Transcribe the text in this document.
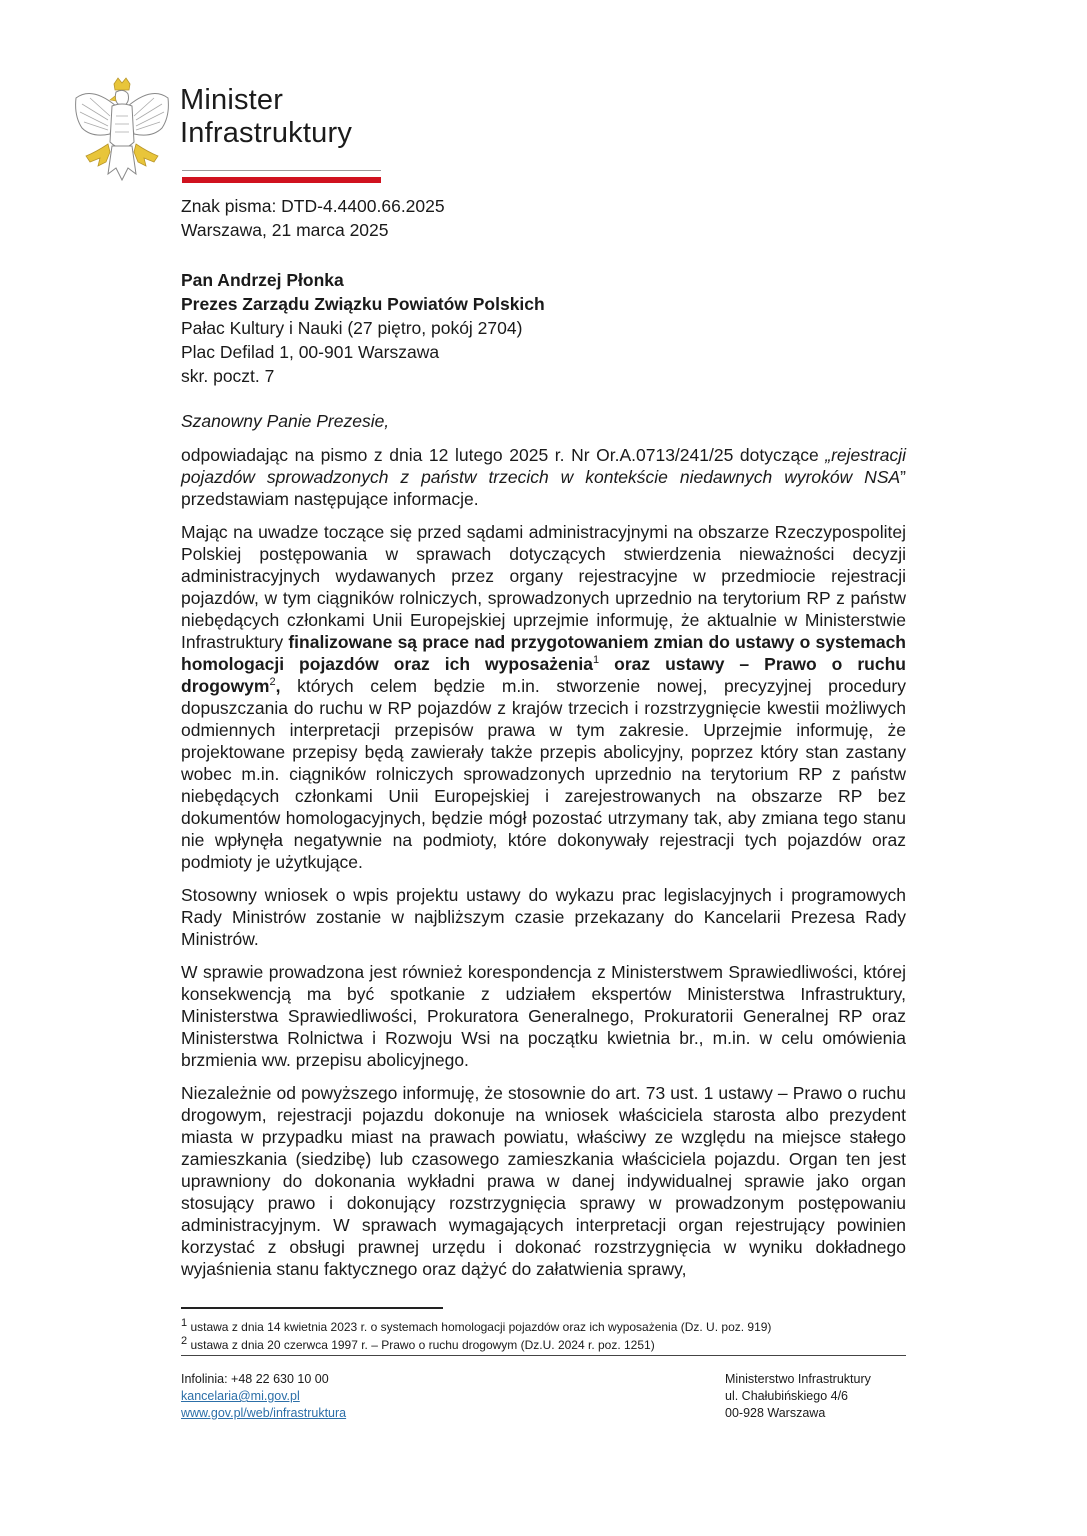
Minister
Infrastruktury
Znak pisma: DTD-4.4400.66.2025
Warszawa, 21 marca 2025
Pan Andrzej Płonka
Prezes Zarządu Związku Powiatów Polskich
Pałac Kultury i Nauki (27 piętro, pokój 2704)
Plac Defilad 1, 00-901 Warszawa
skr. poczt. 7
Szanowny Panie Prezesie,

odpowiadając na pismo z dnia 12 lutego 2025 r. Nr Or.A.0713/241/25 dotyczące „rejestracji pojazdów sprowadzonych z państw trzecich w kontekście niedawnych wyroków NSA” przedstawiam następujące informacje.

Mając na uwadze toczące się przed sądami administracyjnymi na obszarze Rzeczypospolitej Polskiej postępowania w sprawach dotyczących stwierdzenia nieważności decyzji administracyjnych wydawanych przez organy rejestracyjne w przedmiocie rejestracji pojazdów, w tym ciągników rolniczych, sprowadzonych uprzednio na terytorium RP z państw niebędących członkami Unii Europejskiej uprzejmie informuję, że aktualnie w Ministerstwie Infrastruktury finalizowane są prace nad przygotowaniem zmian do ustawy o systemach homologacji pojazdów oraz ich wyposażenia$^1$ oraz ustawy – Prawo o ruchu drogowym$^2$, których celem będzie m.in. stworzenie nowej, precyzyjnej procedury dopuszczania do ruchu w RP pojazdów z krajów trzecich i rozstrzygnięcie kwestii możliwych odmiennych interpretacji przepisów prawa w tym zakresie. Uprzejmie informuję, że projektowane przepisy będą zawierały także przepis abolicyjny, poprzez który stan zastany wobec m.in. ciągników rolniczych sprowadzonych uprzednio na terytorium RP z państw niebędących członkami Unii Europejskiej i zarejestrowanych na obszarze RP bez dokumentów homologacyjnych, będzie mógł pozostać utrzymany tak, aby zmiana tego stanu nie wpłynęła negatywnie na podmioty, które dokonywały rejestracji tych pojazdów oraz podmioty je użytkujące.

Stosowny wniosek o wpis projektu ustawy do wykazu prac legislacyjnych i programowych Rady Ministrów zostanie w najbliższym czasie przekazany do Kancelarii Prezesa Rady Ministrów.

W sprawie prowadzona jest również korespondencja z Ministerstwem Sprawiedliwości, której konsekwencją ma być spotkanie z udziałem ekspertów Ministerstwa Infrastruktury, Ministerstwa Sprawiedliwości, Prokuratora Generalnego, Prokuratorii Generalnej RP oraz Ministerstwa Rolnictwa i Rozwoju Wsi na początku kwietnia br., m.in. w celu omówienia brzmienia ww. przepisu abolicyjnego.

Niezależnie od powyższego informuję, że stosownie do art. 73 ust. 1 ustawy – Prawo o ruchu drogowym, rejestracji pojazdu dokonuje na wniosek właściciela starosta albo prezydent miasta w przypadku miast na prawach powiatu, właściwy ze względu na miejsce stałego zamieszkania (siedzibę) lub czasowego zamieszkania właściciela pojazdu. Organ ten jest uprawniony do dokonania wykładni prawa w danej indywidualnej sprawie jako organ stosujący prawo i dokonujący rozstrzygnięcia sprawy w prowadzonym postępowaniu administracyjnym. W sprawach wymagających interpretacji organ rejestrujący powinien korzystać z obsługi prawnej urzędu i dokonać rozstrzygnięcia w wyniku dokładnego wyjaśnienia stanu faktycznego oraz dążyć do załatwienia sprawy,

$^1$ ustawa z dnia 14 kwietnia 2023 r. o systemach homologacji pojazdów oraz ich wyposażenia (Dz. U. poz. 919)
$^2$ ustawa z dnia 20 czerwca 1997 r. – Prawo o ruchu drogowym (Dz.U. 2024 r. poz. 1251)
Infolinia: +48 22 630 10 00
kancelaria@mi.gov.pl
www.gov.pl/web/infrastruktura
Ministerstwo Infrastruktury
ul. Chałubińskiego 4/6
00-928 Warszawa
